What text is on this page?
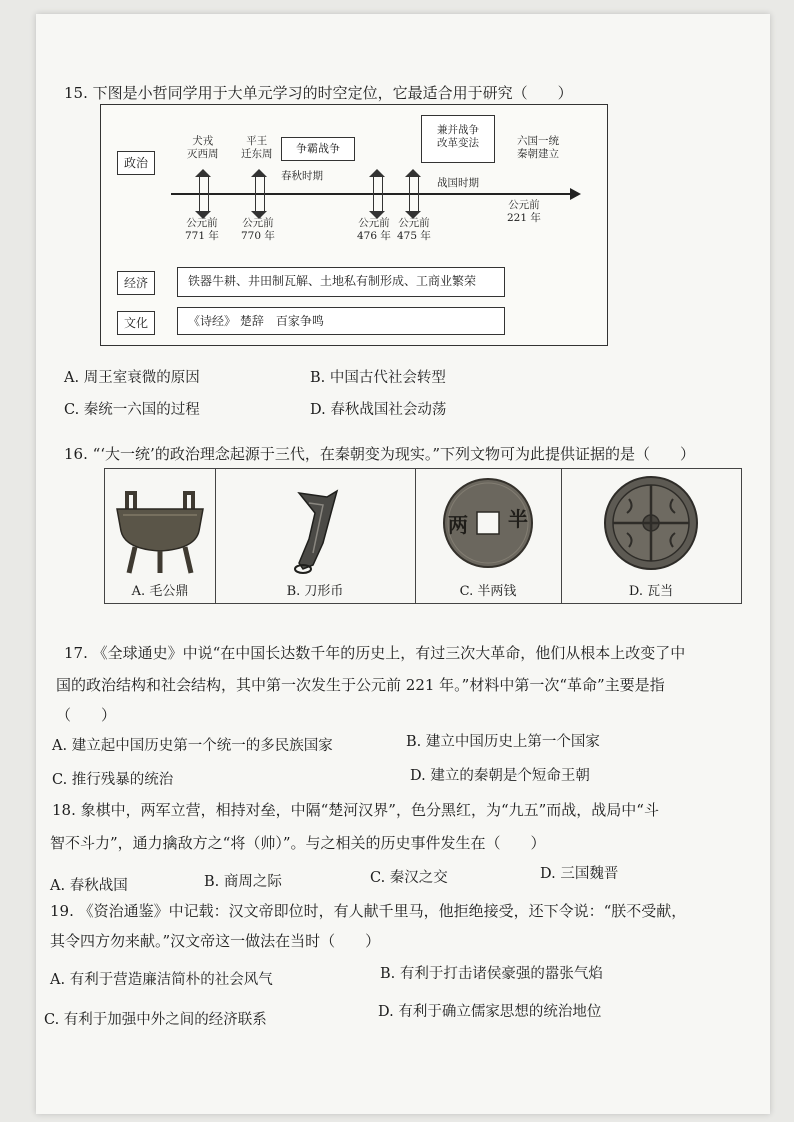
15. 下图是小哲同学用于大单元学习的时空定位，它最适合用于研究（　　）
政治
犬戎
灭西周
平王
迁东周	争霸战争
兼并战争
改革变法	六国一统
秦朝建立
春秋时期
战国时期
公元前
771 年
公元前
770 年
公元前
476 年
公元前
475 年
公元前
221 年
经济	铁器牛耕、井田制瓦解、土地私有制形成、工商业繁荣
文化	《诗经》 楚辞　百家争鸣
A. 周王室衰微的原因	B. 中国古代社会转型
C. 秦统一六国的过程	D. 春秋战国社会动荡
16. “‘大一统’的政治理念起源于三代，在秦朝变为现实。”下列文物可为此提供证据的是（　　）
A. 毛公鼎	B. 刀形币
半
两
C. 半两钱	D. 瓦当
17. 《全球通史》中说“在中国长达数千年的历史上，有过三次大革命，他们从根本上改变了中
国的政治结构和社会结构，其中第一次发生于公元前 221 年。”材料中第一次“革命”主要是指
（　　）
A. 建立起中国历史第一个统一的多民族国家	B. 建立中国历史上第一个国家
C. 推行残暴的统治	D. 建立的秦朝是个短命王朝
18. 象棋中，两军立营，相持对垒，中隔“楚河汉界”，色分黑红，为“九五”而战，战局中“斗
智不斗力”，通力擒敌方之“将（帅）”。与之相关的历史事件发生在（　　）
A. 春秋战国	B. 商周之际	C. 秦汉之交	D. 三国魏晋
19. 《资治通鉴》中记载：汉文帝即位时，有人献千里马，他拒绝接受，还下令说：“朕不受献，
其令四方勿来献。”汉文帝这一做法在当时（　　）
A. 有利于营造廉洁简朴的社会风气	B. 有利于打击诸侯豪强的嚣张气焰
C. 有利于加强中外之间的经济联系	D. 有利于确立儒家思想的统治地位
